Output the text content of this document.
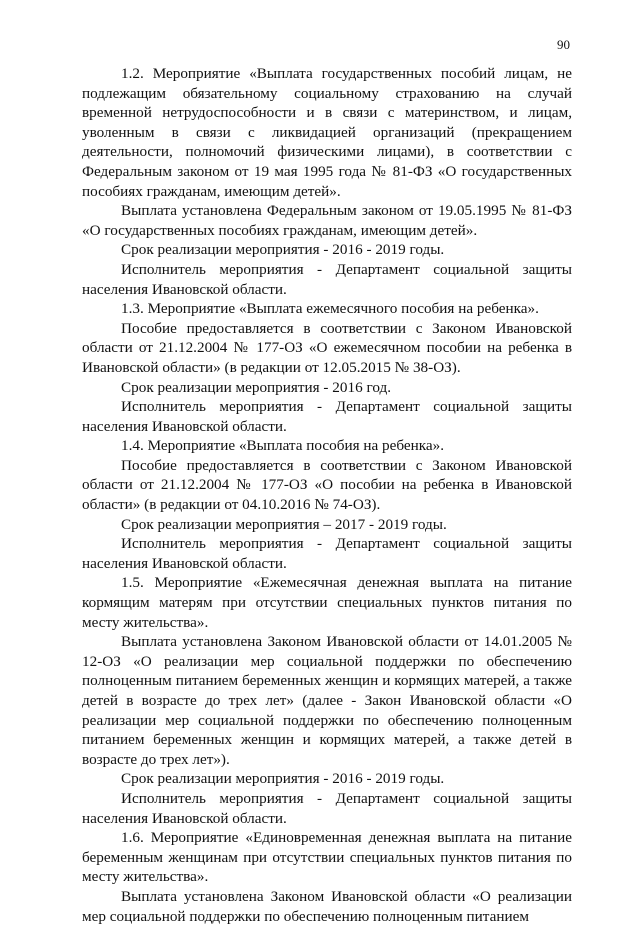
90

1.2. Мероприятие «Выплата государственных пособий лицам, не подлежащим обязательному социальному страхованию на случай временной нетрудоспособности и в связи с материнством, и лицам, уволенным в связи с ликвидацией организаций (прекращением деятельности, полномочий физическими лицами), в соответствии с Федеральным законом от 19 мая 1995 года № 81-ФЗ «О государственных пособиях гражданам, имеющим детей».

Выплата установлена Федеральным законом от 19.05.1995 № 81-ФЗ «О государственных пособиях гражданам, имеющим детей».

Срок реализации мероприятия - 2016 - 2019 годы.

Исполнитель мероприятия - Департамент социальной защиты населения Ивановской области.

1.3. Мероприятие «Выплата ежемесячного пособия на ребенка».

Пособие предоставляется в соответствии с Законом Ивановской области от 21.12.2004 № 177-ОЗ «О ежемесячном пособии на ребенка в Ивановской области» (в редакции от 12.05.2015 № 38-ОЗ).

Срок реализации мероприятия - 2016 год.

Исполнитель мероприятия - Департамент социальной защиты населения Ивановской области.

1.4. Мероприятие «Выплата пособия на ребенка».

Пособие предоставляется в соответствии с Законом Ивановской области от 21.12.2004 № 177-ОЗ «О пособии на ребенка в Ивановской области» (в редакции от 04.10.2016 № 74-ОЗ).

Срок реализации мероприятия – 2017 - 2019 годы.

Исполнитель мероприятия - Департамент социальной защиты населения Ивановской области.

1.5. Мероприятие «Ежемесячная денежная выплата на питание кормящим матерям при отсутствии специальных пунктов питания по месту жительства».

Выплата установлена Законом Ивановской области от 14.01.2005 № 12-ОЗ «О реализации мер социальной поддержки по обеспечению полноценным питанием беременных женщин и кормящих матерей, а также детей в возрасте до трех лет» (далее - Закон Ивановской области «О реализации мер социальной поддержки по обеспечению полноценным питанием беременных женщин и кормящих матерей, а также детей в возрасте до трех лет»).

Срок реализации мероприятия - 2016 - 2019 годы.

Исполнитель мероприятия - Департамент социальной защиты населения Ивановской области.

1.6. Мероприятие «Единовременная денежная выплата на питание беременным женщинам при отсутствии специальных пунктов питания по месту жительства».

Выплата установлена Законом Ивановской области «О реализации мер социальной поддержки по обеспечению полноценным питанием
